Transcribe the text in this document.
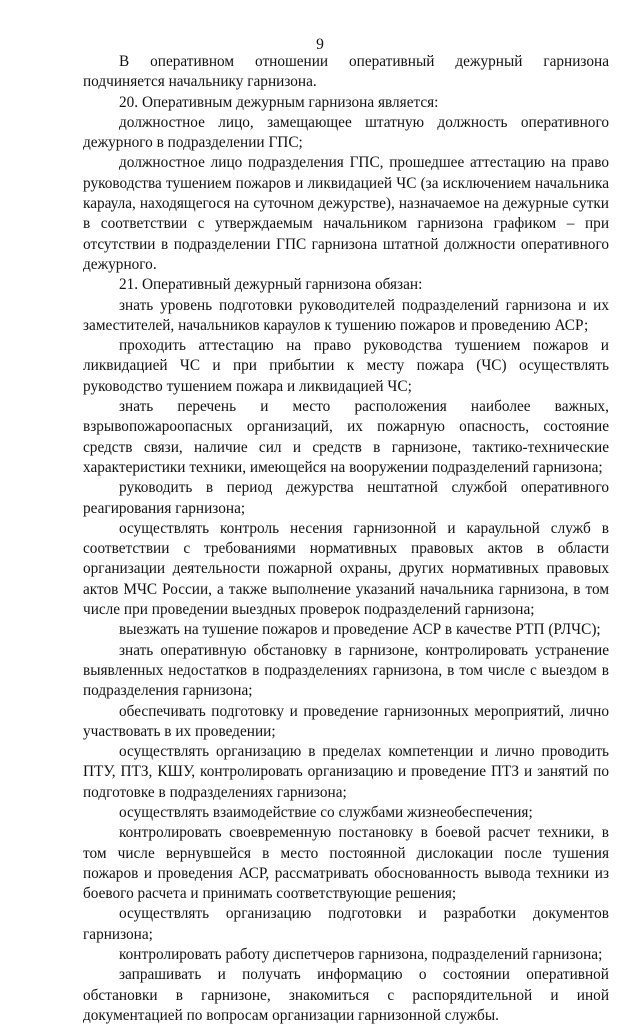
9

В оперативном отношении оперативный дежурный гарнизона подчиняется начальнику гарнизона.

20. Оперативным дежурным гарнизона является:

должностное лицо, замещающее штатную должность оперативного дежурного в подразделении ГПС;

должностное лицо подразделения ГПС, прошедшее аттестацию на право руководства тушением пожаров и ликвидацией ЧС (за исключением начальника караула, находящегося на суточном дежурстве), назначаемое на дежурные сутки в соответствии с утверждаемым начальником гарнизона графиком – при отсутствии в подразделении ГПС гарнизона штатной должности оперативного дежурного.

21. Оперативный дежурный гарнизона обязан:

знать уровень подготовки руководителей подразделений гарнизона и их заместителей, начальников караулов к тушению пожаров и проведению АСР;

проходить аттестацию на право руководства тушением пожаров и ликвидацией ЧС и при прибытии к месту пожара (ЧС) осуществлять руководство тушением пожара и ликвидацией ЧС;

знать перечень и место расположения наиболее важных, взрывопожароопасных организаций, их пожарную опасность, состояние средств связи, наличие сил и средств в гарнизоне, тактико-технические характеристики техники, имеющейся на вооружении подразделений гарнизона;

руководить в период дежурства нештатной службой оперативного реагирования гарнизона;

осуществлять контроль несения гарнизонной и караульной служб в соответствии с требованиями нормативных правовых актов в области организации деятельности пожарной охраны, других нормативных правовых актов МЧС России, а также выполнение указаний начальника гарнизона, в том числе при проведении выездных проверок подразделений гарнизона;

выезжать на тушение пожаров и проведение АСР в качестве РТП (РЛЧС);

знать оперативную обстановку в гарнизоне, контролировать устранение выявленных недостатков в подразделениях гарнизона, в том числе с выездом в подразделения гарнизона;

обеспечивать подготовку и проведение гарнизонных мероприятий, лично участвовать в их проведении;

осуществлять организацию в пределах компетенции и лично проводить ПТУ, ПТЗ, КШУ, контролировать организацию и проведение ПТЗ и занятий по подготовке в подразделениях гарнизона;

осуществлять взаимодействие со службами жизнеобеспечения;

контролировать своевременную постановку в боевой расчет техники, в том числе вернувшейся в место постоянной дислокации после тушения пожаров и проведения АСР, рассматривать обоснованность вывода техники из боевого расчета и принимать соответствующие решения;

осуществлять организацию подготовки и разработки документов гарнизона;

контролировать работу диспетчеров гарнизона, подразделений гарнизона;

запрашивать и получать информацию о состоянии оперативной обстановки в гарнизоне, знакомиться с распорядительной и иной документацией по вопросам организации гарнизонной службы.
